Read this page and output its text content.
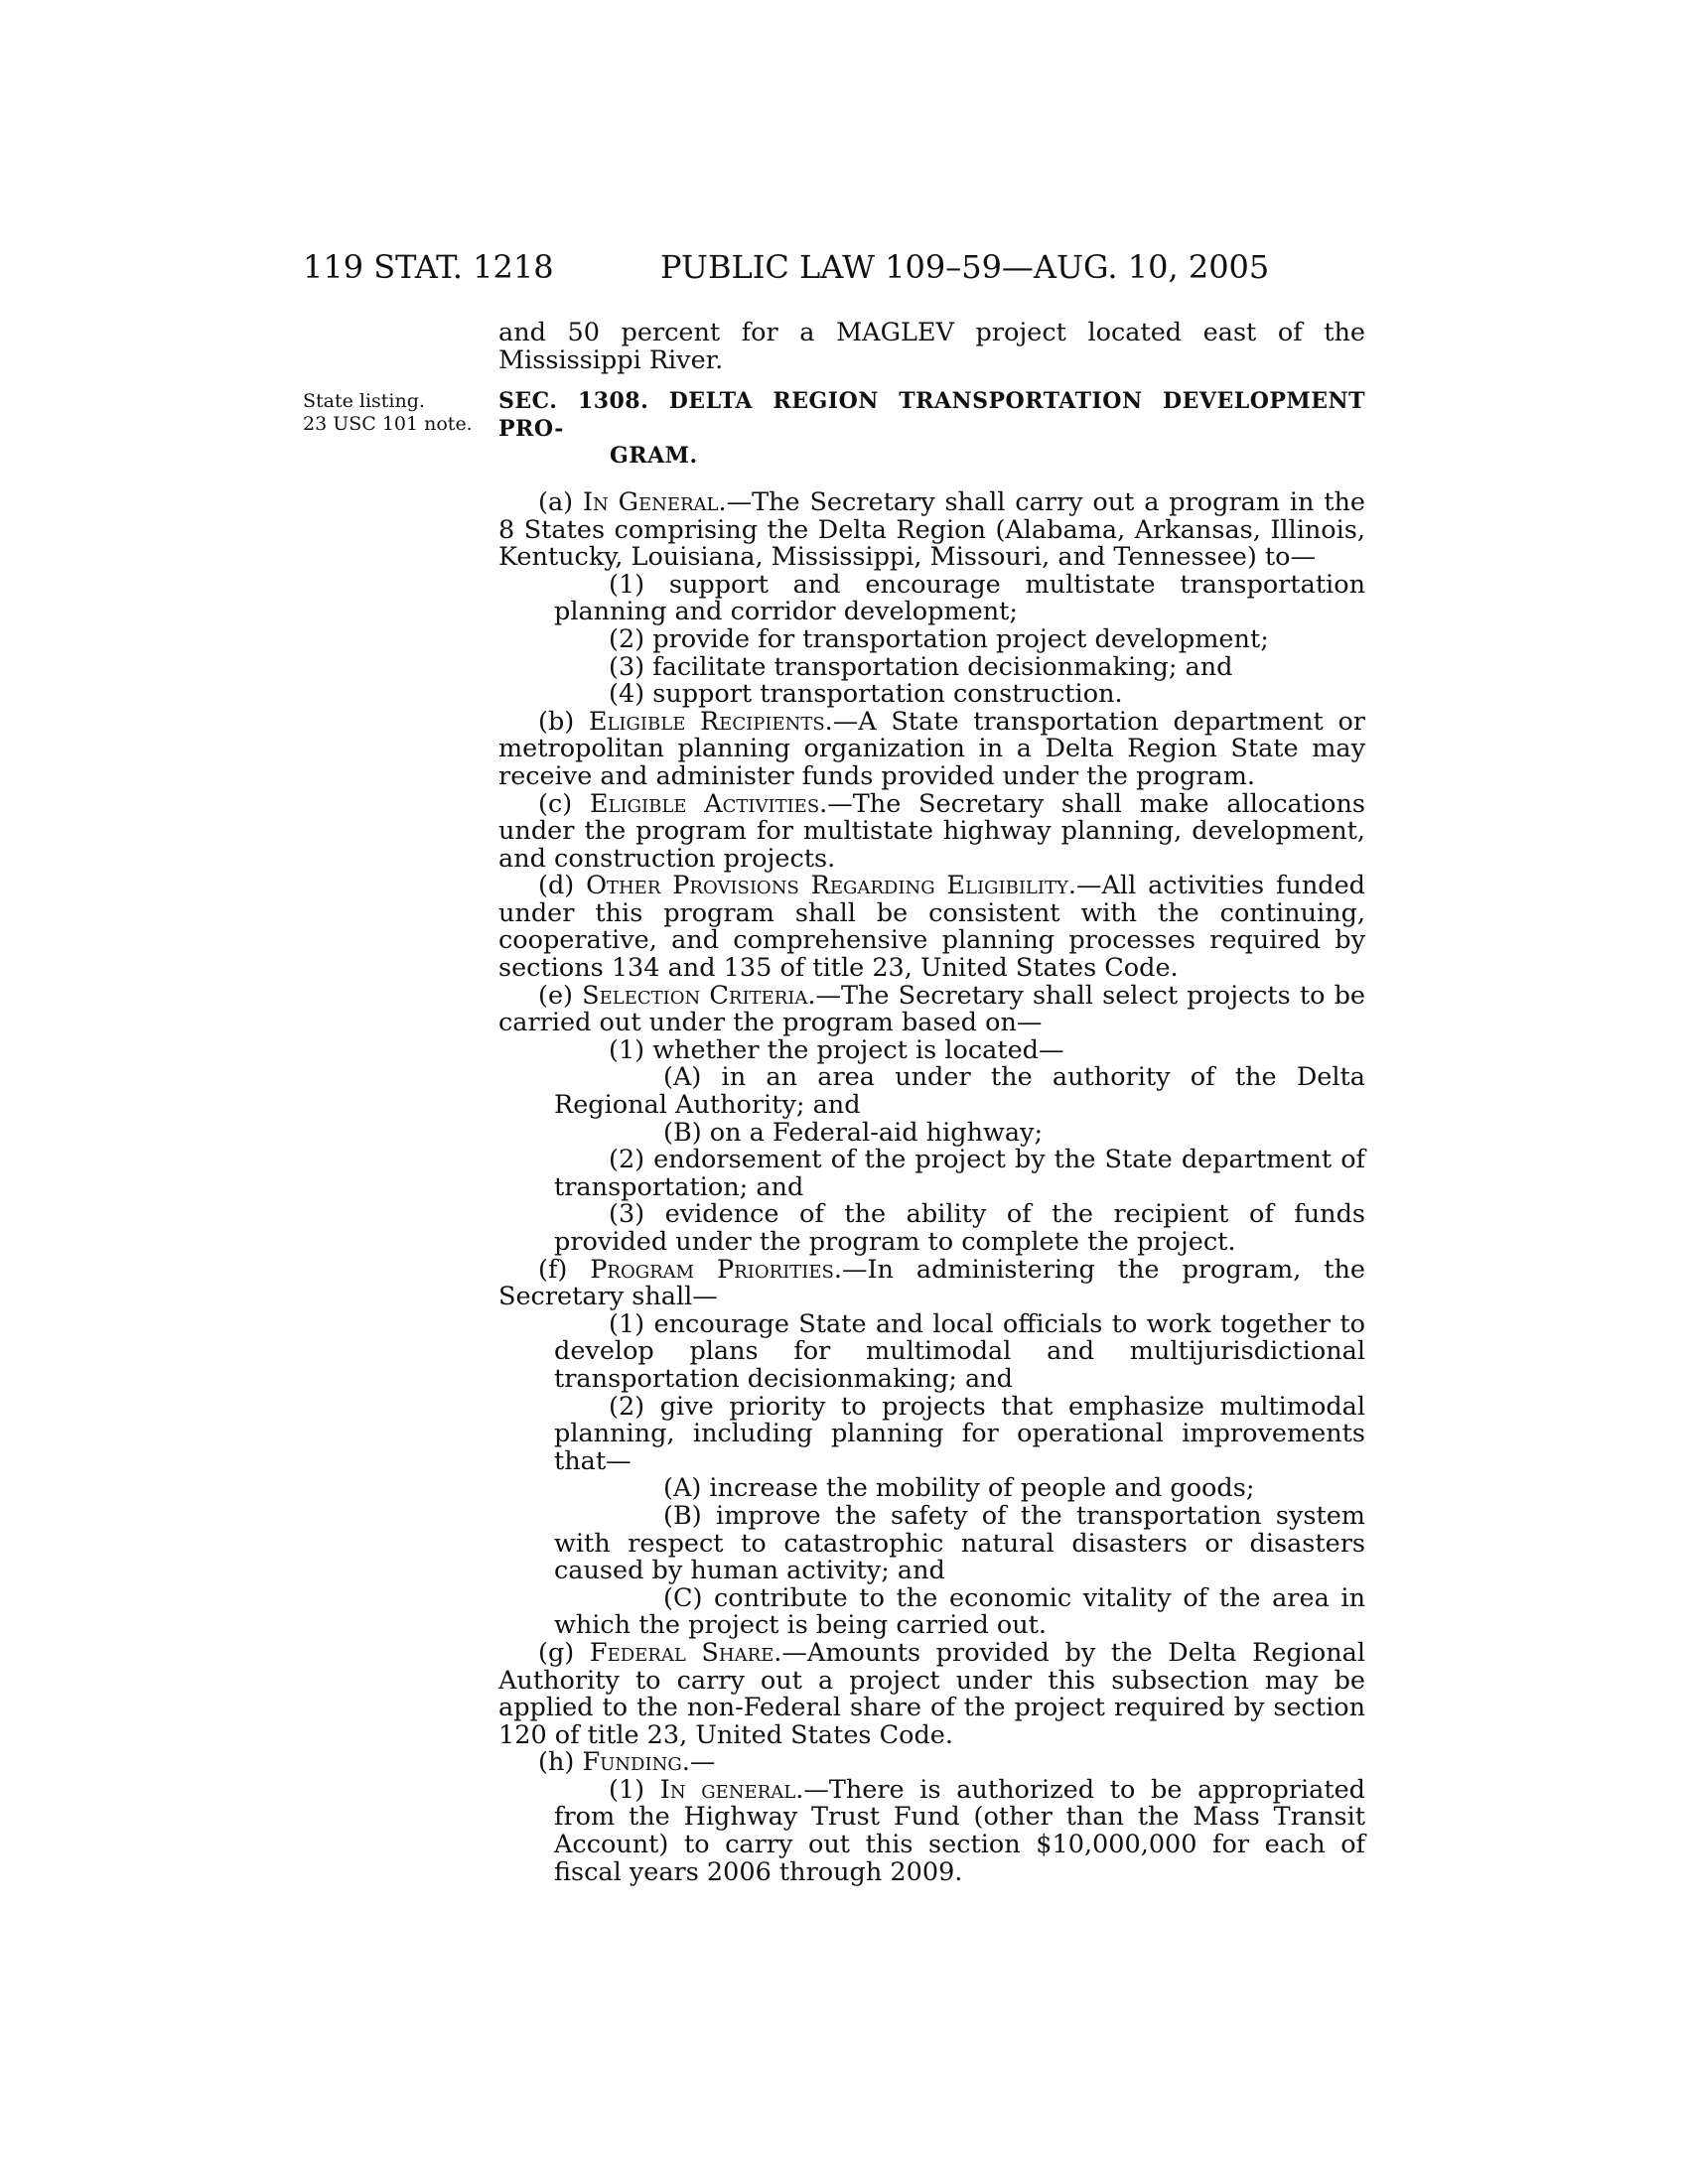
119 STAT. 1218	PUBLIC LAW 109–59—AUG. 10, 2005
State listing.
23 USC 101 note.

and 50 percent for a MAGLEV project located east of the Mississippi River.

SEC. 1308. DELTA REGION TRANSPORTATION DEVELOPMENT PRO-
GRAM.

(a) In General.—The Secretary shall carry out a program in the 8 States comprising the Delta Region (Alabama, Arkansas, Illinois, Kentucky, Louisiana, Mississippi, Missouri, and Tennessee) to—

(1) support and encourage multistate transportation planning and corridor development;

(2) provide for transportation project development;

(3) facilitate transportation decisionmaking; and

(4) support transportation construction.

(b) Eligible Recipients.—A State transportation department or metropolitan planning organization in a Delta Region State may receive and administer funds provided under the program.

(c) Eligible Activities.—The Secretary shall make allocations under the program for multistate highway planning, development, and construction projects.

(d) Other Provisions Regarding Eligibility.—All activities funded under this program shall be consistent with the continuing, cooperative, and comprehensive planning processes required by sections 134 and 135 of title 23, United States Code.

(e) Selection Criteria.—The Secretary shall select projects to be carried out under the program based on—

(1) whether the project is located—

(A) in an area under the authority of the Delta Regional Authority; and

(B) on a Federal-aid highway;

(2) endorsement of the project by the State department of transportation; and

(3) evidence of the ability of the recipient of funds provided under the program to complete the project.

(f) Program Priorities.—In administering the program, the Secretary shall—

(1) encourage State and local officials to work together to develop plans for multimodal and multijurisdictional transportation decisionmaking; and

(2) give priority to projects that emphasize multimodal planning, including planning for operational improvements that—

(A) increase the mobility of people and goods;

(B) improve the safety of the transportation system with respect to catastrophic natural disasters or disasters caused by human activity; and

(C) contribute to the economic vitality of the area in which the project is being carried out.

(g) Federal Share.—Amounts provided by the Delta Regional Authority to carry out a project under this subsection may be applied to the non-Federal share of the project required by section 120 of title 23, United States Code.

(h) Funding.—

(1) In general.—There is authorized to be appropriated from the Highway Trust Fund (other than the Mass Transit Account) to carry out this section $10,000,000 for each of fiscal years 2006 through 2009.
